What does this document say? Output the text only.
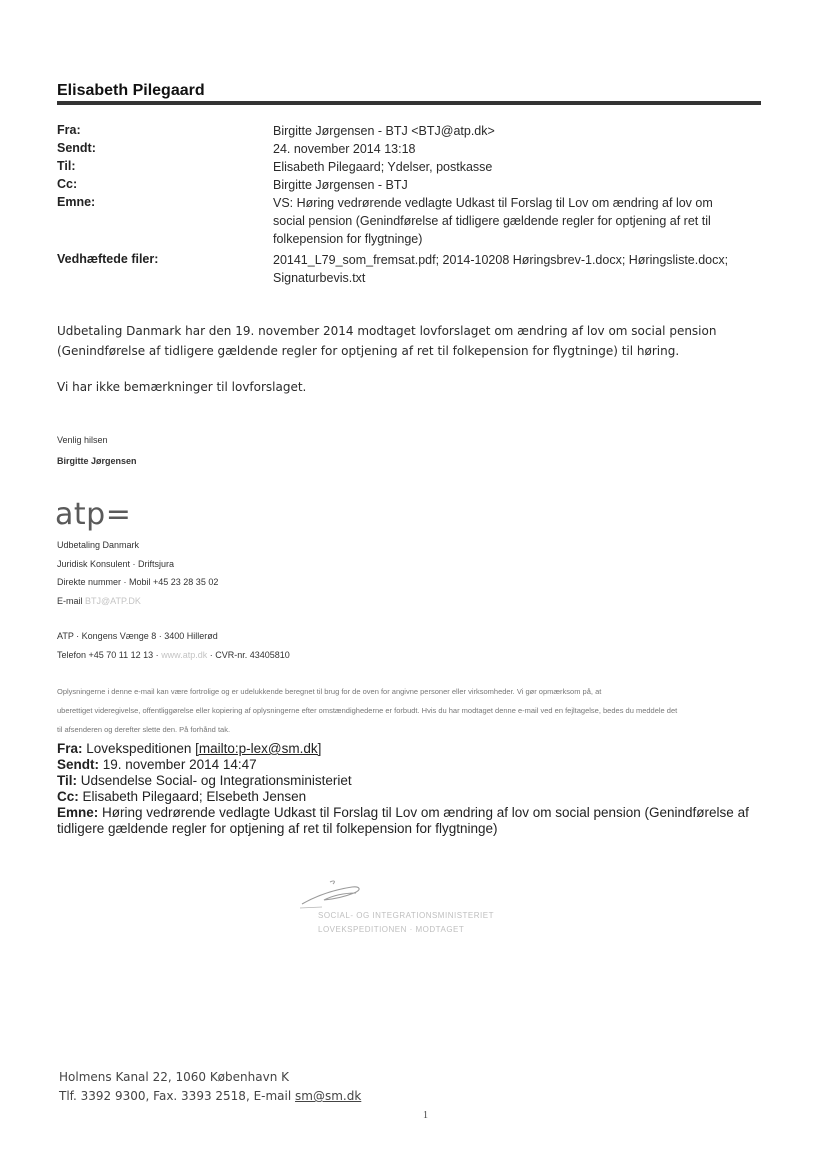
Elisabeth Pilegaard
Fra:	Birgitte Jørgensen - BTJ <BTJ@atp.dk>
Sendt:	24. november 2014 13:18
Til:	Elisabeth Pilegaard; Ydelser, postkasse
Cc:	Birgitte Jørgensen - BTJ
Emne:	VS: Høring vedrørende vedlagte Udkast til Forslag til Lov om ændring af lov om
social pension (Genindførelse af tidligere gældende regler for optjening af ret til
folkepension for flygtninge)
Vedhæftede filer:	20141_L79_som_fremsat.pdf; 2014-10208 Høringsbrev-1.docx; Høringsliste.docx;
Signaturbevis.txt
Udbetaling Danmark har den 19. november 2014 modtaget lovforslaget om ændring af lov om social pension
(Genindførelse af tidligere gældende regler for optjening af ret til folkepension for flygtninge) til høring.
Vi har ikke bemærkninger til lovforslaget.
Venlig hilsen
Birgitte Jørgensen
atp=
Udbetaling Danmark
Juridisk Konsulent · Driftsjura
Direkte nummer · Mobil +45 23 28 35 02
E-mail BTJ@ATP.DK
ATP · Kongens Vænge 8 · 3400 Hillerød
Telefon +45 70 11 12 13 · www.atp.dk · CVR-nr. 43405810
Oplysningerne i denne e-mail kan være fortrolige og er udelukkende beregnet til brug for de oven for angivne personer eller virksomheder. Vi gør opmærksom på, at
uberettiget videregivelse, offentliggørelse eller kopiering af oplysningerne efter omstændighederne er forbudt. Hvis du har modtaget denne e-mail ved en fejltagelse, bedes du meddele det
til afsenderen og derefter slette den. På forhånd tak.
Fra: Lovekspeditionen [mailto:p-lex@sm.dk]
Sendt: 19. november 2014 14:47
Til: Udsendelse Social- og Integrationsministeriet
Cc: Elisabeth Pilegaard; Elsebeth Jensen
Emne: Høring vedrørende vedlagte Udkast til Forslag til Lov om ændring af lov om social pension (Genindførelse af
tidligere gældende regler for optjening af ret til folkepension for flygtninge)
SOCIAL- OG INTEGRATIONSMINISTERIET
LOVEKSPEDITIONEN · MODTAGET
Holmens Kanal 22, 1060 København K
Tlf. 3392 9300, Fax. 3393 2518, E-mail sm@sm.dk
1
